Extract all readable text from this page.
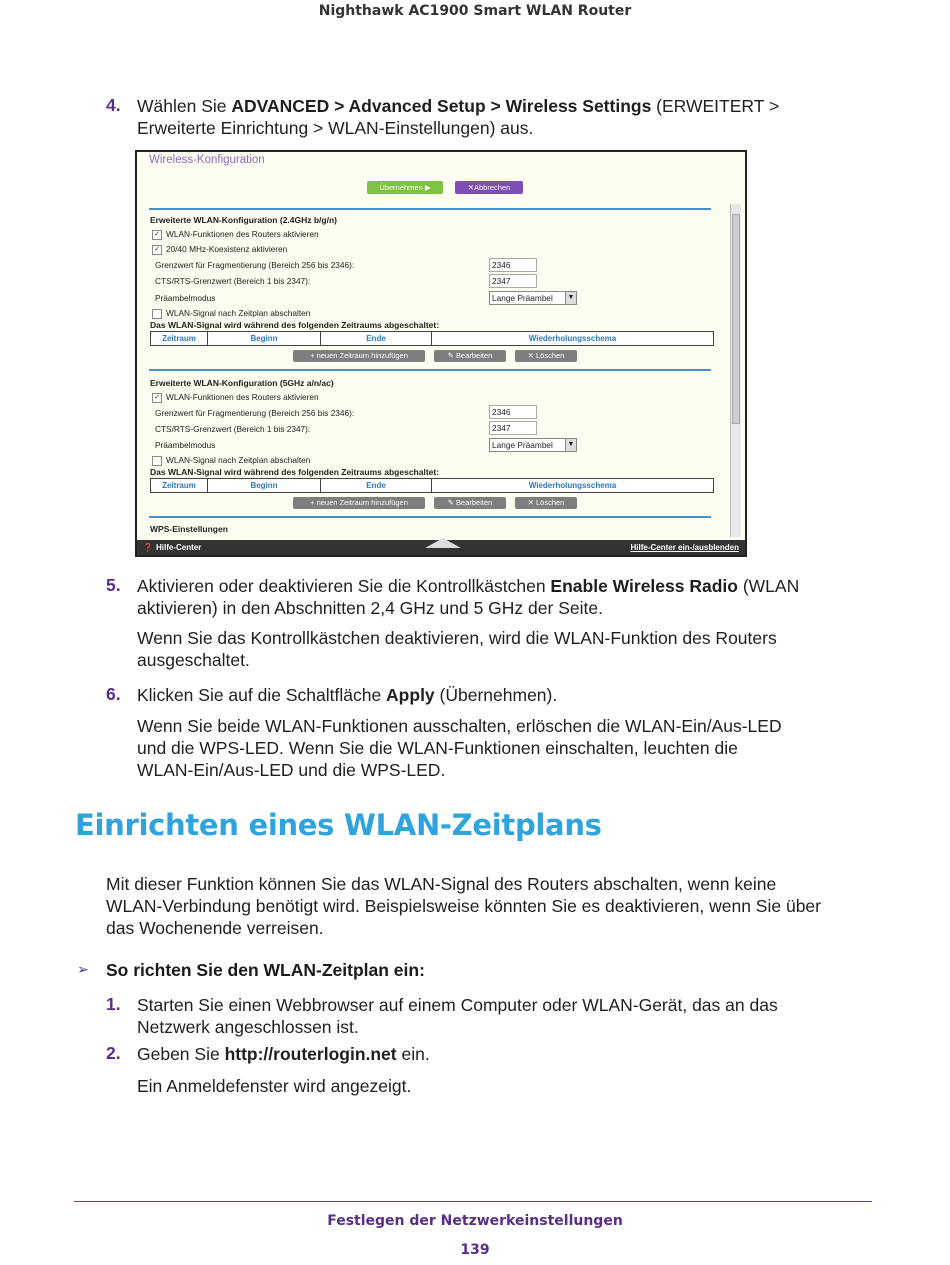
Nighthawk AC1900 Smart WLAN Router
4. Wählen Sie ADVANCED > Advanced Setup > Wireless Settings (ERWEITERT >
Erweiterte Einrichtung > WLAN-Einstellungen) aus.
Wireless-Konfiguration
Übernehmen ▶	✕Abbrechen
Erweiterte WLAN-Konfiguration (2.4GHz b/g/n)
✓ WLAN-Funktionen des Routers aktivieren
✓ 20/40 MHz-Koexistenz aktivieren
Grenzwert für Fragmentierung (Bereich 256 bis 2346):	2346
CTS/RTS-Grenzwert (Bereich 1 bis 2347):	2347
Präambelmodus	Lange Präambel	▼
WLAN-Signal nach Zeitplan abschalten
Das WLAN-Signal wird während des folgenden Zeitraums abgeschaltet:
Zeitraum	Beginn	Ende	Wiederholungsschema
+ neuen Zeitraum hinzufügen	✎ Bearbeiten	✕ Löschen
Erweiterte WLAN-Konfiguration (5GHz a/n/ac)
✓ WLAN-Funktionen des Routers aktivieren
Grenzwert für Fragmentierung (Bereich 256 bis 2346):	2346
CTS/RTS-Grenzwert (Bereich 1 bis 2347):	2347
Präambelmodus	Lange Präambel	▼
WLAN-Signal nach Zeitplan abschalten
Das WLAN-Signal wird während des folgenden Zeitraums abgeschaltet:
Zeitraum	Beginn	Ende	Wiederholungsschema
+ neuen Zeitraum hinzufügen	✎ Bearbeiten	✕ Löschen
WPS-Einstellungen
❓ Hilfe-Center	Hilfe-Center ein-/ausblenden
5. Aktivieren oder deaktivieren Sie die Kontrollkästchen Enable Wireless Radio (WLAN
aktivieren) in den Abschnitten 2,4 GHz und 5 GHz der Seite.
Wenn Sie das Kontrollkästchen deaktivieren, wird die WLAN-Funktion des Routers
ausgeschaltet.
6. Klicken Sie auf die Schaltfläche Apply (Übernehmen).
Wenn Sie beide WLAN-Funktionen ausschalten, erlöschen die WLAN-Ein/Aus-LED
und die WPS-LED. Wenn Sie die WLAN-Funktionen einschalten, leuchten die
WLAN-Ein/Aus-LED und die WPS-LED.
Einrichten eines WLAN-Zeitplans
Mit dieser Funktion können Sie das WLAN-Signal des Routers abschalten, wenn keine
WLAN-Verbindung benötigt wird. Beispielsweise könnten Sie es deaktivieren, wenn Sie über
das Wochenende verreisen.
➢ So richten Sie den WLAN-Zeitplan ein:
1. Starten Sie einen Webbrowser auf einem Computer oder WLAN-Gerät, das an das
Netzwerk angeschlossen ist.
2. Geben Sie http://routerlogin.net ein.
Ein Anmeldefenster wird angezeigt.
Festlegen der Netzwerkeinstellungen
139
